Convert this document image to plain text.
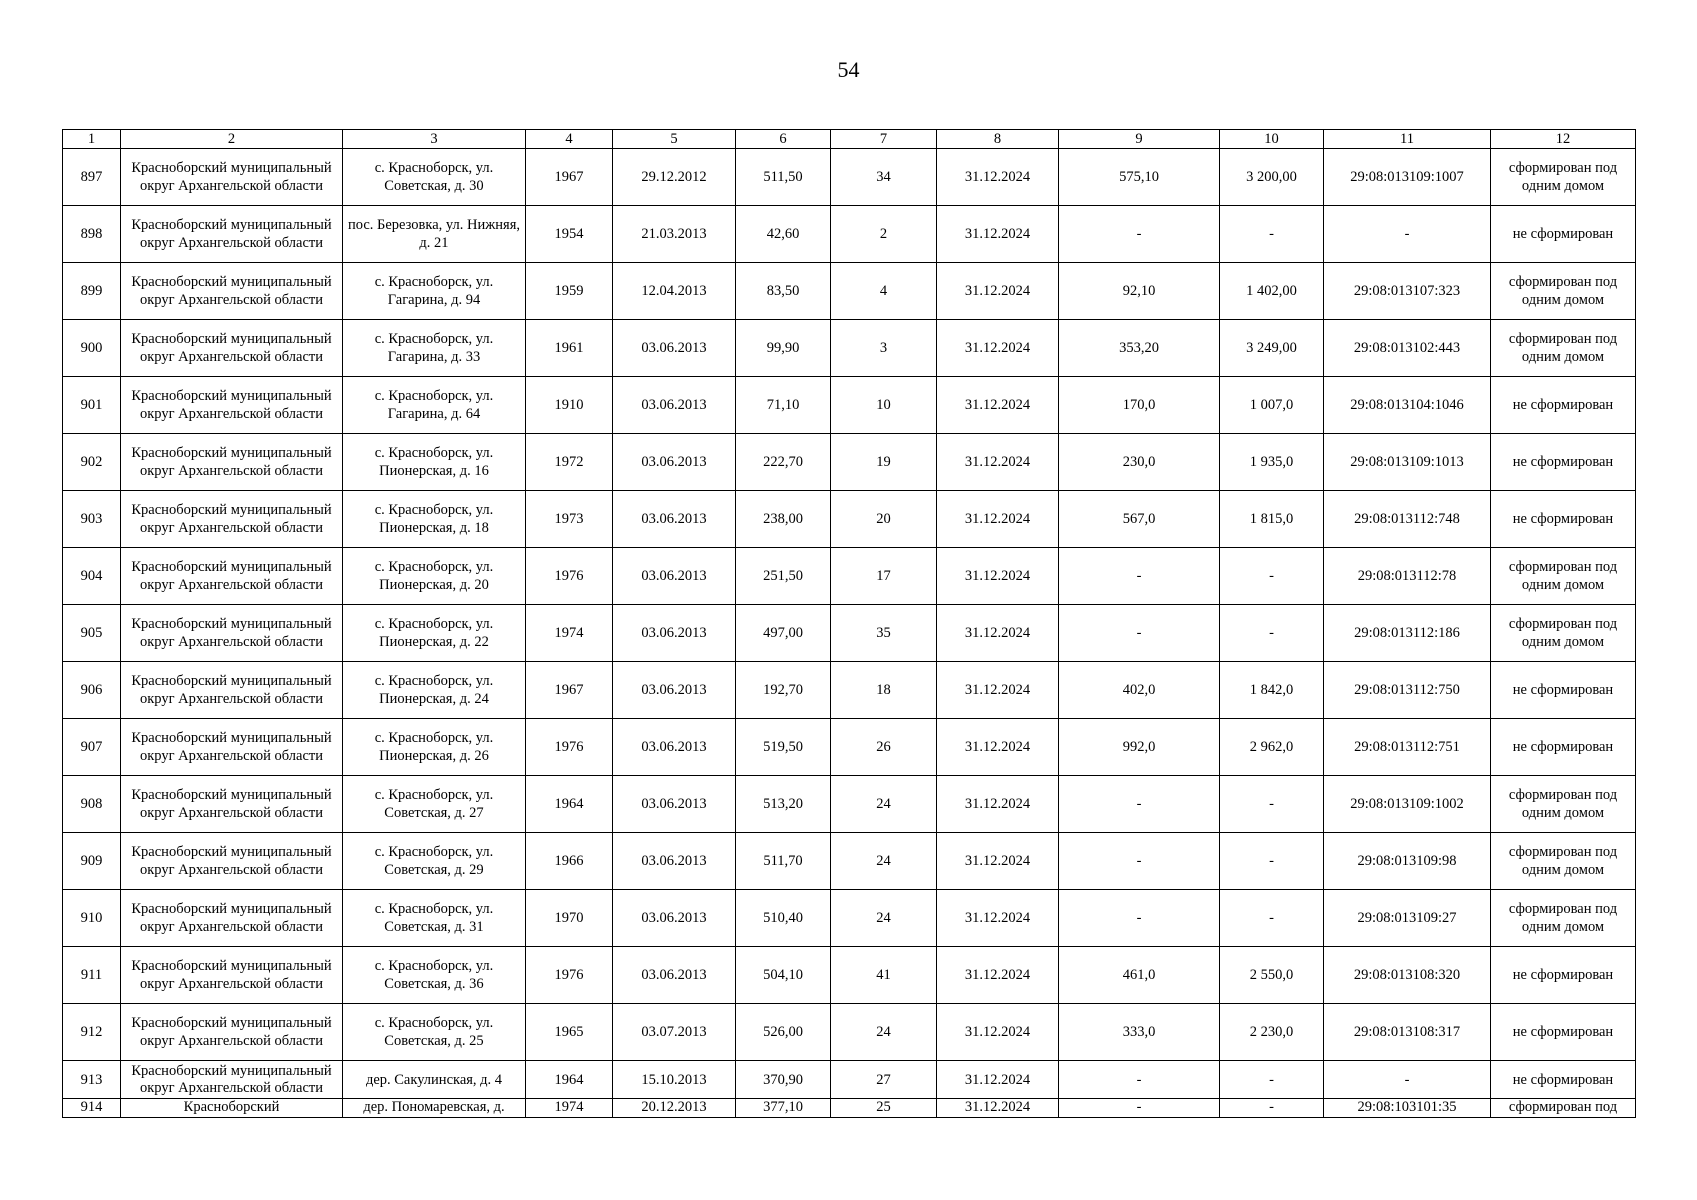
54
1	2	3	4	5	6	7	8	9	10	11	12
897	Красноборский муниципальный округ Архангельской области	с. Красноборск, ул. Советская, д. 30	1967	29.12.2012	511,50	34	31.12.2024	575,10	3 200,00	29:08:013109:1007	сформирован под одним домом
898	Красноборский муниципальный округ Архангельской области	пос. Березовка, ул. Нижняя, д. 21	1954	21.03.2013	42,60	2	31.12.2024	-	-	-	не сформирован
899	Красноборский муниципальный округ Архангельской области	с. Красноборск, ул. Гагарина, д. 94	1959	12.04.2013	83,50	4	31.12.2024	92,10	1 402,00	29:08:013107:323	сформирован под одним домом
900	Красноборский муниципальный округ Архангельской области	с. Красноборск, ул. Гагарина, д. 33	1961	03.06.2013	99,90	3	31.12.2024	353,20	3 249,00	29:08:013102:443	сформирован под одним домом
901	Красноборский муниципальный округ Архангельской области	с. Красноборск, ул. Гагарина, д. 64	1910	03.06.2013	71,10	10	31.12.2024	170,0	1 007,0	29:08:013104:1046	не сформирован
902	Красноборский муниципальный округ Архангельской области	с. Красноборск, ул. Пионерская, д. 16	1972	03.06.2013	222,70	19	31.12.2024	230,0	1 935,0	29:08:013109:1013	не сформирован
903	Красноборский муниципальный округ Архангельской области	с. Красноборск, ул. Пионерская, д. 18	1973	03.06.2013	238,00	20	31.12.2024	567,0	1 815,0	29:08:013112:748	не сформирован
904	Красноборский муниципальный округ Архангельской области	с. Красноборск, ул. Пионерская, д. 20	1976	03.06.2013	251,50	17	31.12.2024	-	-	29:08:013112:78	сформирован под одним домом
905	Красноборский муниципальный округ Архангельской области	с. Красноборск, ул. Пионерская, д. 22	1974	03.06.2013	497,00	35	31.12.2024	-	-	29:08:013112:186	сформирован под одним домом
906	Красноборский муниципальный округ Архангельской области	с. Красноборск, ул. Пионерская, д. 24	1967	03.06.2013	192,70	18	31.12.2024	402,0	1 842,0	29:08:013112:750	не сформирован
907	Красноборский муниципальный округ Архангельской области	с. Красноборск, ул. Пионерская, д. 26	1976	03.06.2013	519,50	26	31.12.2024	992,0	2 962,0	29:08:013112:751	не сформирован
908	Красноборский муниципальный округ Архангельской области	с. Красноборск, ул. Советская, д. 27	1964	03.06.2013	513,20	24	31.12.2024	-	-	29:08:013109:1002	сформирован под одним домом
909	Красноборский муниципальный округ Архангельской области	с. Красноборск, ул. Советская, д. 29	1966	03.06.2013	511,70	24	31.12.2024	-	-	29:08:013109:98	сформирован под одним домом
910	Красноборский муниципальный округ Архангельской области	с. Красноборск, ул. Советская, д. 31	1970	03.06.2013	510,40	24	31.12.2024	-	-	29:08:013109:27	сформирован под одним домом
911	Красноборский муниципальный округ Архангельской области	с. Красноборск, ул. Советская, д. 36	1976	03.06.2013	504,10	41	31.12.2024	461,0	2 550,0	29:08:013108:320	не сформирован
912	Красноборский муниципальный округ Архангельской области	с. Красноборск, ул. Советская, д. 25	1965	03.07.2013	526,00	24	31.12.2024	333,0	2 230,0	29:08:013108:317	не сформирован
913	Красноборский муниципальный округ Архангельской области	дер. Сакулинская, д. 4	1964	15.10.2013	370,90	27	31.12.2024	-	-	-	не сформирован
914	Красноборский	дер. Пономаревская, д.	1974	20.12.2013	377,10	25	31.12.2024	-	-	29:08:103101:35	сформирован под
